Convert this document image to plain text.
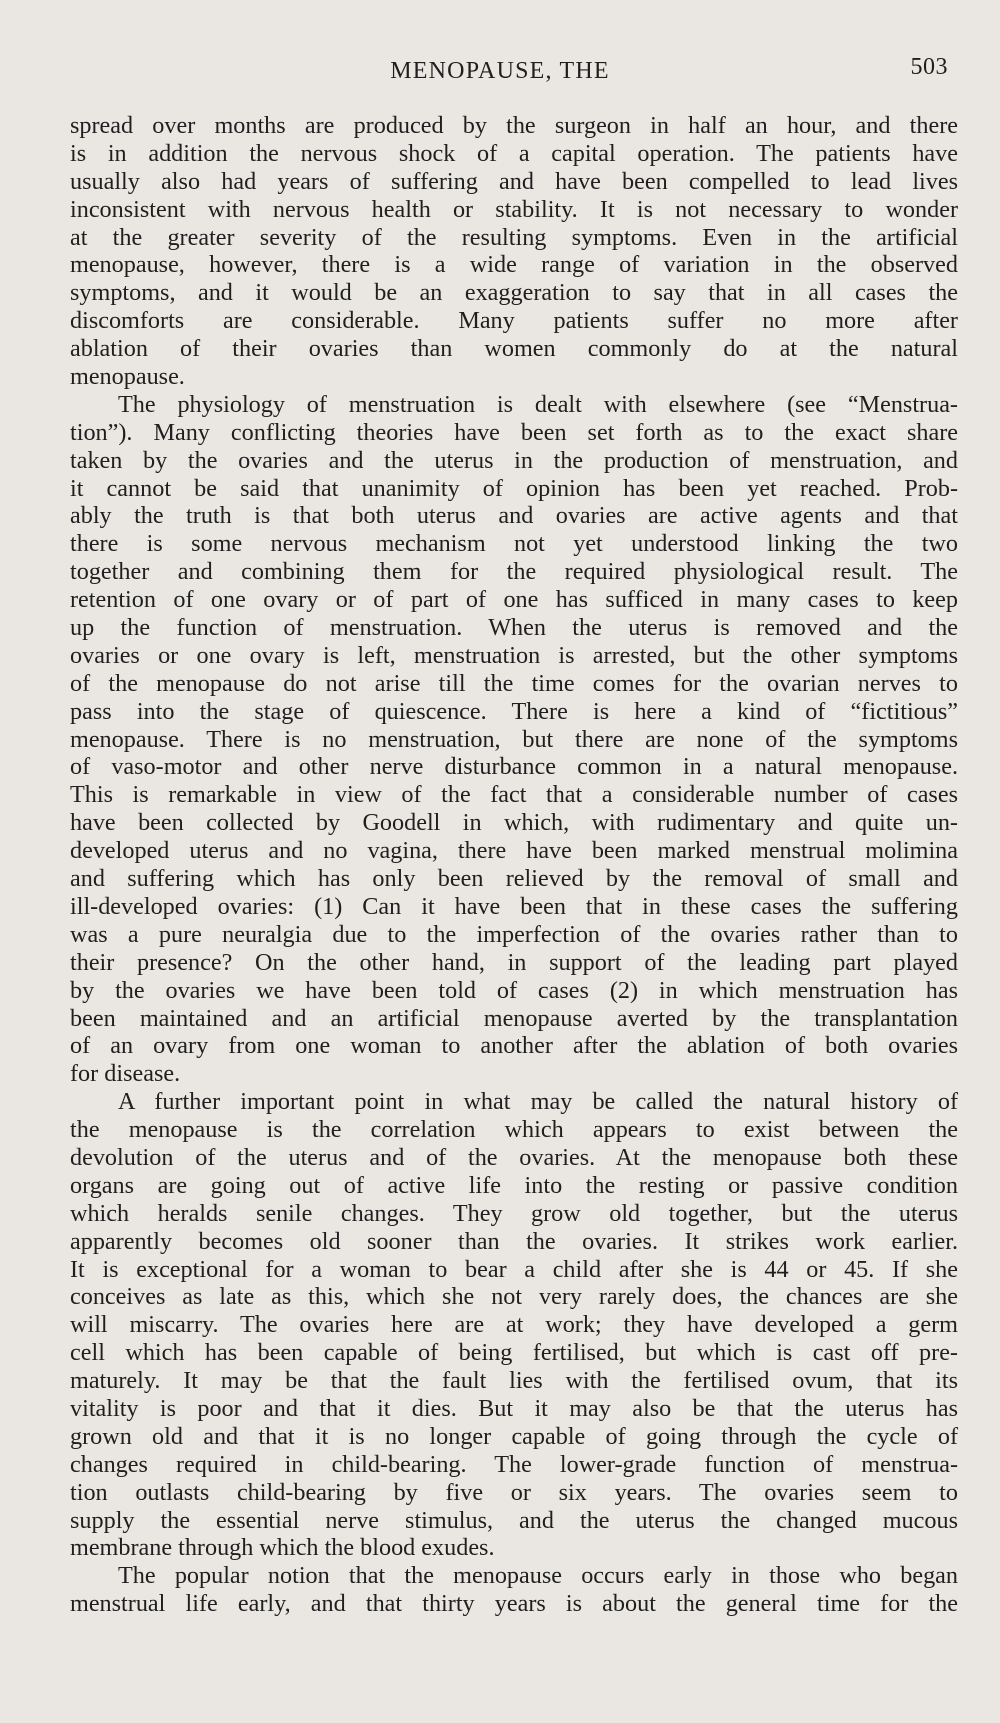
MENOPAUSE, THE	503
spread over months are produced by the surgeon in half an hour, and there
is in addition the nervous shock of a capital operation. The patients have
usually also had years of suffering and have been compelled to lead lives
inconsistent with nervous health or stability. It is not necessary to wonder
at the greater severity of the resulting symptoms. Even in the artificial
menopause, however, there is a wide range of variation in the observed
symptoms, and it would be an exaggeration to say that in all cases the
discomforts are considerable. Many patients suffer no more after
ablation of their ovaries than women commonly do at the natural
menopause.
The physiology of menstruation is dealt with elsewhere (see “Menstrua-
tion”). Many conflicting theories have been set forth as to the exact share
taken by the ovaries and the uterus in the production of menstruation, and
it cannot be said that unanimity of opinion has been yet reached. Prob-
ably the truth is that both uterus and ovaries are active agents and that
there is some nervous mechanism not yet understood linking the two
together and combining them for the required physiological result. The
retention of one ovary or of part of one has sufficed in many cases to keep
up the function of menstruation. When the uterus is removed and the
ovaries or one ovary is left, menstruation is arrested, but the other symptoms
of the menopause do not arise till the time comes for the ovarian nerves to
pass into the stage of quiescence. There is here a kind of “fictitious”
menopause. There is no menstruation, but there are none of the symptoms
of vaso-motor and other nerve disturbance common in a natural menopause.
This is remarkable in view of the fact that a considerable number of cases
have been collected by Goodell in which, with rudimentary and quite un-
developed uterus and no vagina, there have been marked menstrual molimina
and suffering which has only been relieved by the removal of small and
ill-developed ovaries: (1) Can it have been that in these cases the suffering
was a pure neuralgia due to the imperfection of the ovaries rather than to
their presence? On the other hand, in support of the leading part played
by the ovaries we have been told of cases (2) in which menstruation has
been maintained and an artificial menopause averted by the transplantation
of an ovary from one woman to another after the ablation of both ovaries
for disease.
A further important point in what may be called the natural history of
the menopause is the correlation which appears to exist between the
devolution of the uterus and of the ovaries. At the menopause both these
organs are going out of active life into the resting or passive condition
which heralds senile changes. They grow old together, but the uterus
apparently becomes old sooner than the ovaries. It strikes work earlier.
It is exceptional for a woman to bear a child after she is 44 or 45. If she
conceives as late as this, which she not very rarely does, the chances are she
will miscarry. The ovaries here are at work; they have developed a germ
cell which has been capable of being fertilised, but which is cast off pre-
maturely. It may be that the fault lies with the fertilised ovum, that its
vitality is poor and that it dies. But it may also be that the uterus has
grown old and that it is no longer capable of going through the cycle of
changes required in child-bearing. The lower-grade function of menstrua-
tion outlasts child-bearing by five or six years. The ovaries seem to
supply the essential nerve stimulus, and the uterus the changed mucous
membrane through which the blood exudes.
The popular notion that the menopause occurs early in those who began
menstrual life early, and that thirty years is about the general time for the
